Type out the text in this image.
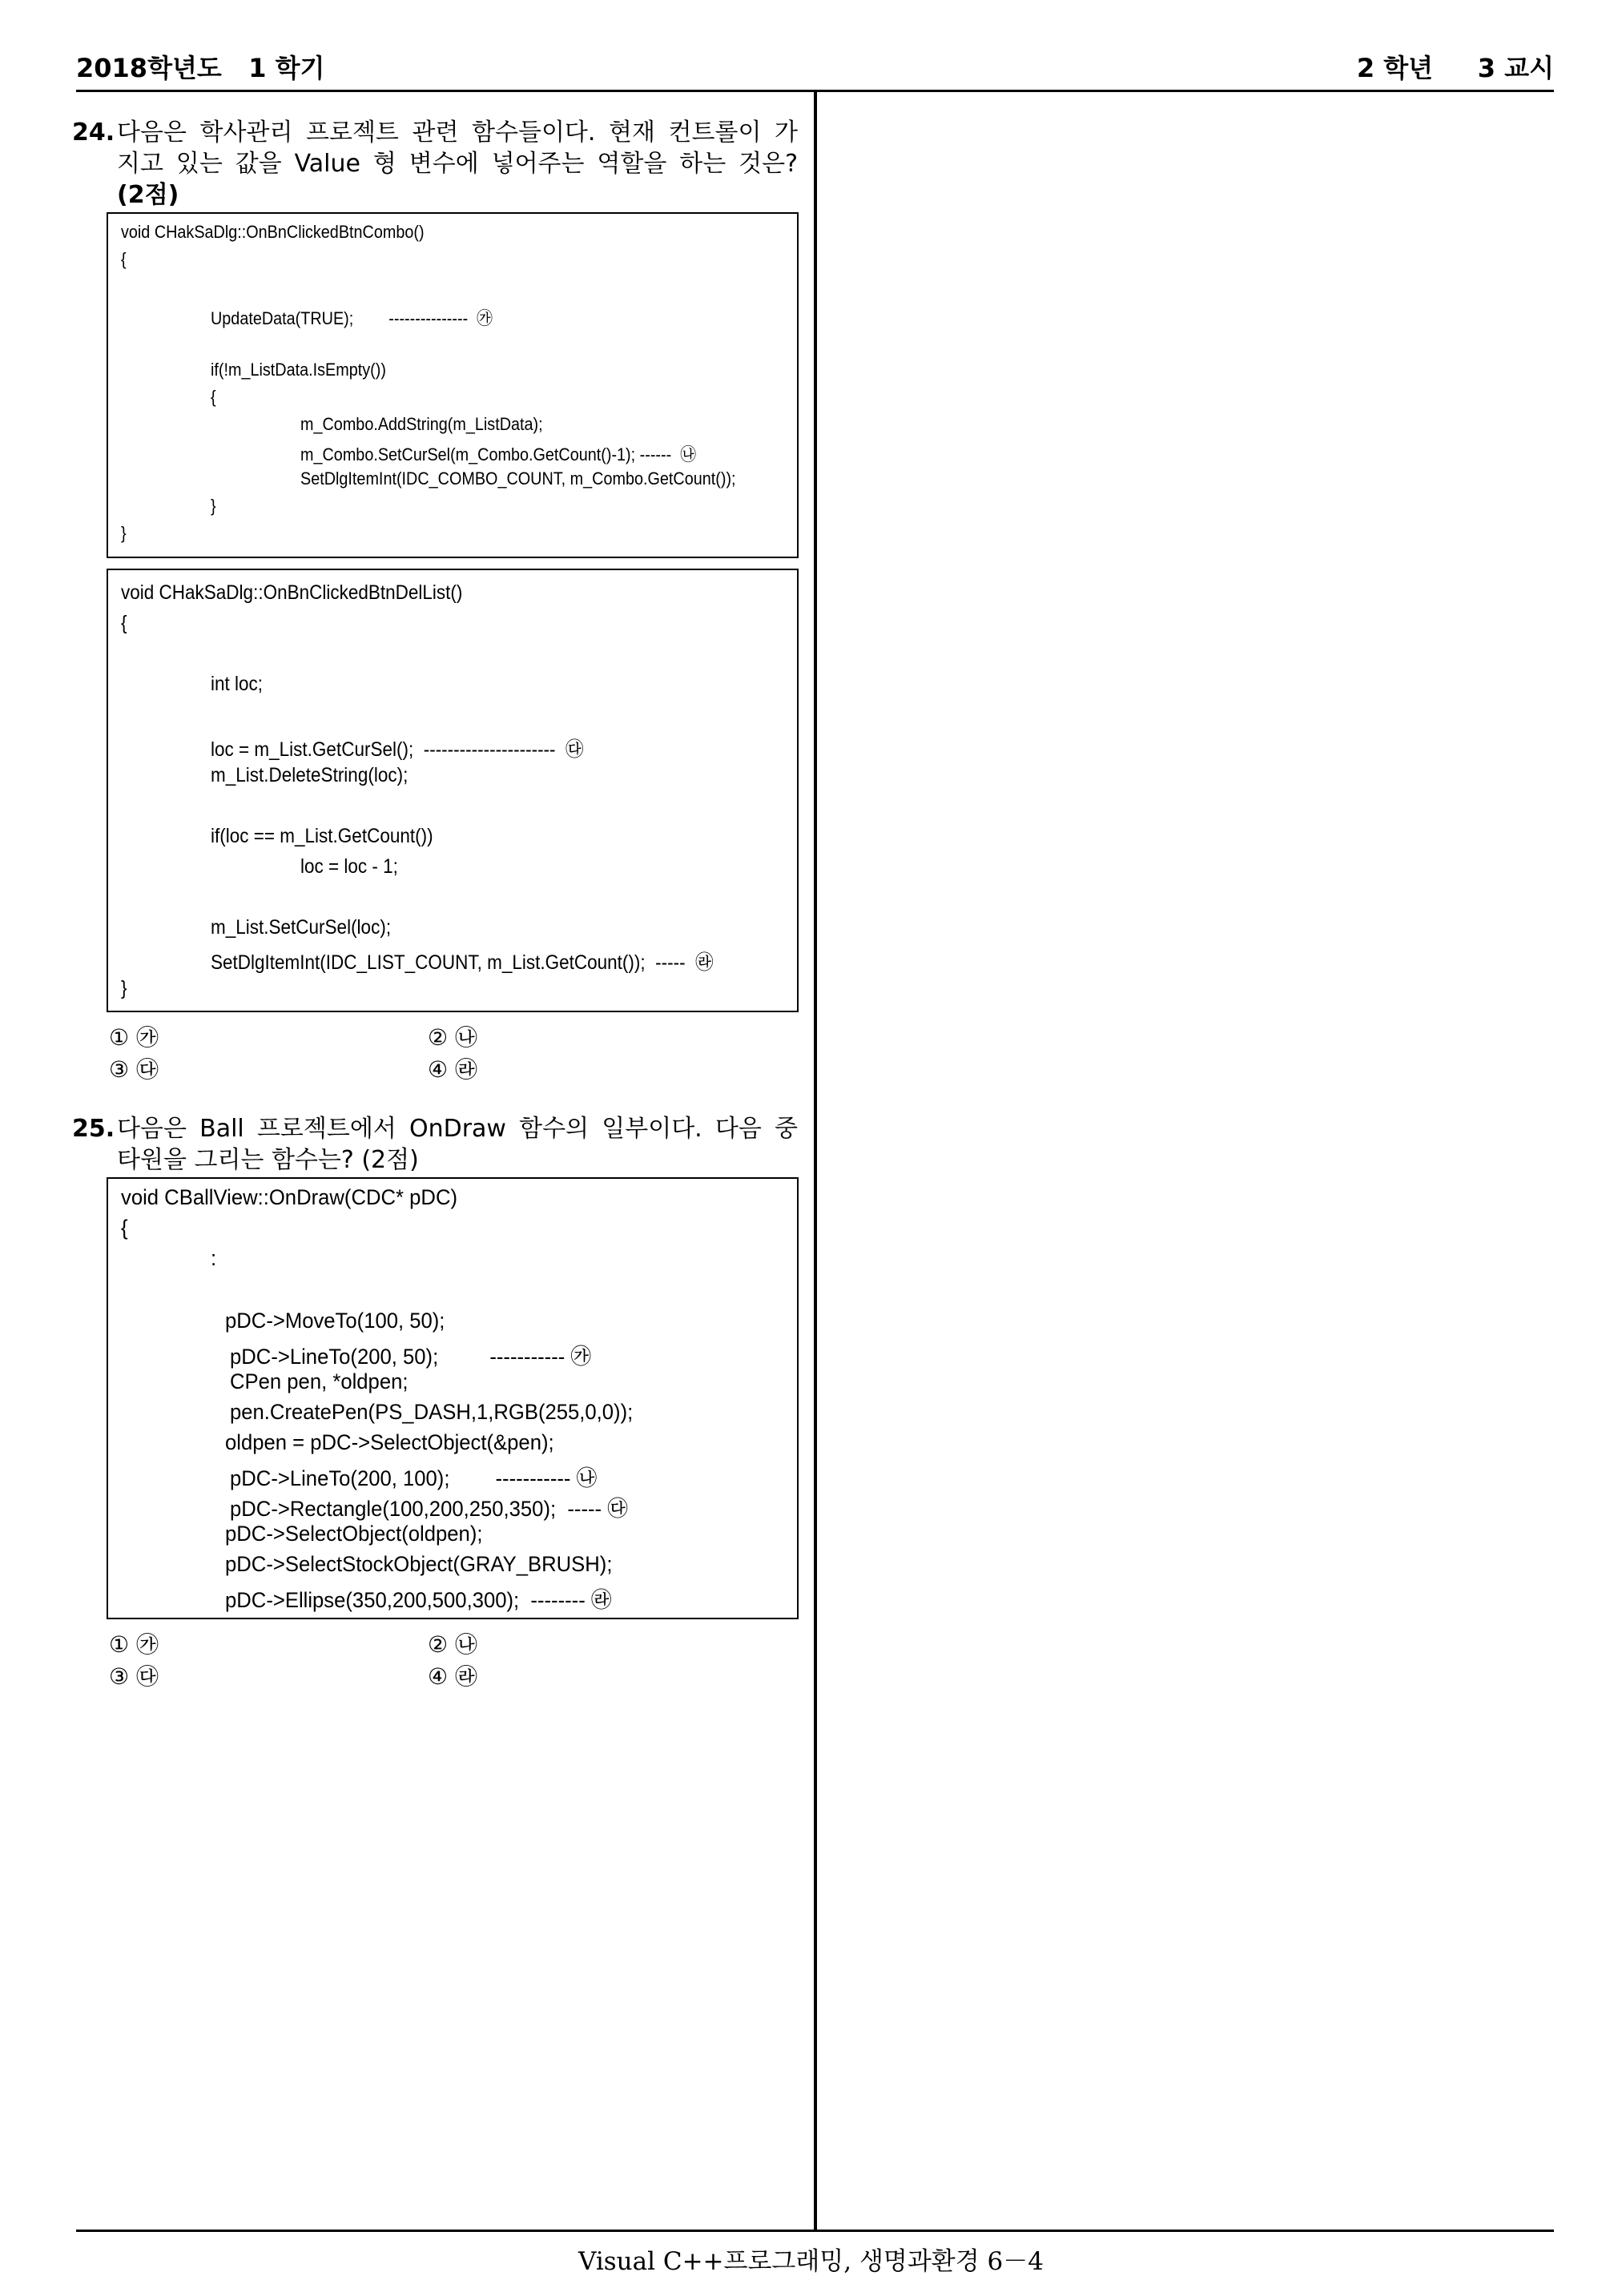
2018학년도   1 학기	2 학년     3 교시
24. 다음은 학사관리 프로젝트 관련 함수들이다. 현재 컨트롤이 가
지고 있는 값을 Value 형 변수에 넣어주는 역할을 하는 것은?
(2점)
void CHakSaDlg::OnBnClickedBtnCombo()
{
UpdateData(TRUE);        ---------------  ㉮
if(!m_ListData.IsEmpty())
{
m_Combo.AddString(m_ListData);
m_Combo.SetCurSel(m_Combo.GetCount()-1); ------  ㉯
SetDlgItemInt(IDC_COMBO_COUNT, m_Combo.GetCount());
}
}
void CHakSaDlg::OnBnClickedBtnDelList()
{
int loc;
loc = m_List.GetCurSel();  ----------------------  ㉰
m_List.DeleteString(loc);
if(loc == m_List.GetCount())
loc = loc - 1;
m_List.SetCurSel(loc);
SetDlgItemInt(IDC_LIST_COUNT, m_List.GetCount());  -----  ㉱
}
① ㉮	② ㉯
③ ㉰	④ ㉱
25. 다음은 Ball 프로젝트에서 OnDraw 함수의 일부이다. 다음 중
타원을 그리는 함수는? (2점)
void CBallView::OnDraw(CDC* pDC)
{
:
pDC->MoveTo(100, 50);
pDC->LineTo(200, 50);         ----------- ㉮
CPen pen, *oldpen;
pen.CreatePen(PS_DASH,1,RGB(255,0,0));
oldpen = pDC->SelectObject(&pen);
pDC->LineTo(200, 100);        ----------- ㉯
pDC->Rectangle(100,200,250,350);  ----- ㉰
pDC->SelectObject(oldpen);
pDC->SelectStockObject(GRAY_BRUSH);
pDC->Ellipse(350,200,500,300);  -------- ㉱
① ㉮	② ㉯
③ ㉰	④ ㉱
Visual C++프로그래밍, 생명과환경 6－4
